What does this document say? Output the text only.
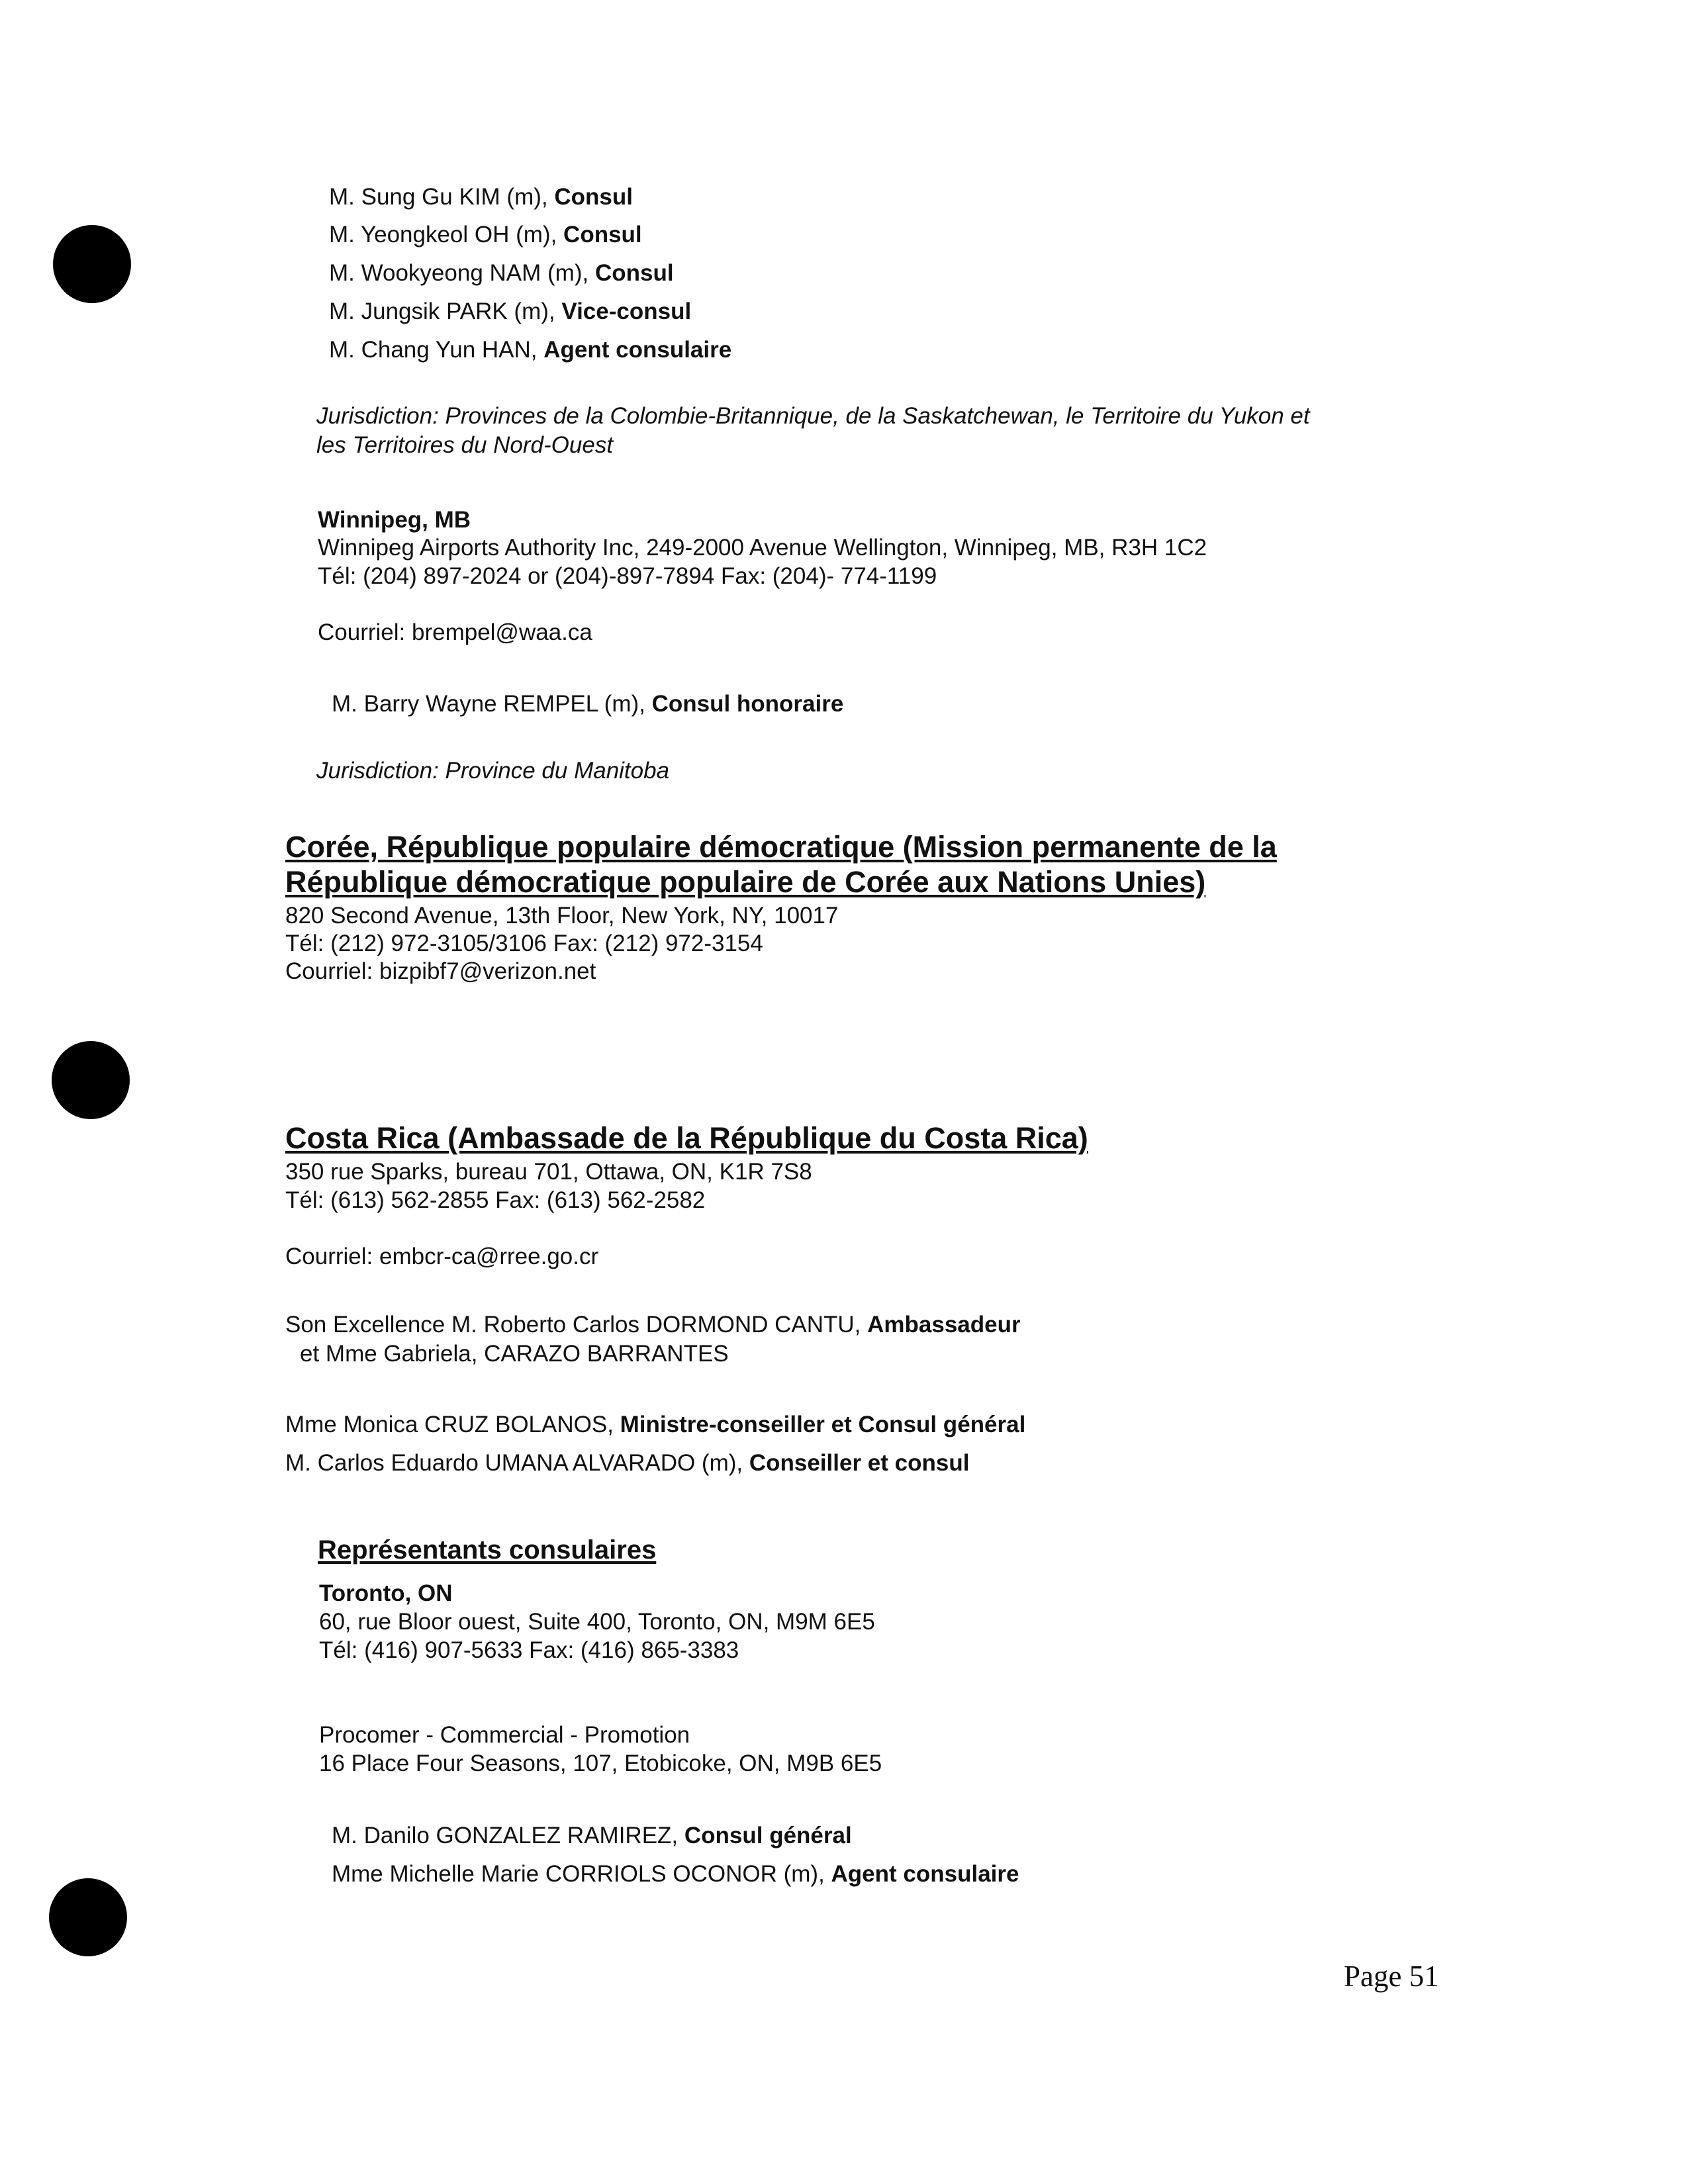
M. Sung Gu KIM (m), Consul
M. Yeongkeol OH (m), Consul
M. Wookyeong NAM (m), Consul
M. Jungsik PARK (m), Vice-consul
M. Chang Yun HAN, Agent consulaire
Jurisdiction: Provinces de la Colombie-Britannique, de la Saskatchewan, le Territoire du Yukon et
les Territoires du Nord-Ouest
Winnipeg, MB
Winnipeg Airports Authority Inc, 249-2000 Avenue Wellington, Winnipeg, MB, R3H 1C2
Tél: (204) 897-2024 or (204)-897-7894 Fax: (204)- 774-1199
Courriel: brempel@waa.ca
M. Barry Wayne REMPEL (m), Consul honoraire
Jurisdiction: Province du Manitoba
Corée, République populaire démocratique (Mission permanente de la
République démocratique populaire de Corée aux Nations Unies)
820 Second Avenue, 13th Floor, New York, NY, 10017
Tél: (212) 972-3105/3106 Fax: (212) 972-3154
Courriel: bizpibf7@verizon.net
Costa Rica (Ambassade de la République du Costa Rica)
350 rue Sparks, bureau 701, Ottawa, ON, K1R 7S8
Tél: (613) 562-2855 Fax: (613) 562-2582
Courriel: embcr-ca@rree.go.cr
Son Excellence M. Roberto Carlos DORMOND CANTU, Ambassadeur
et Mme Gabriela, CARAZO BARRANTES
Mme Monica CRUZ BOLANOS, Ministre-conseiller et Consul général
M. Carlos Eduardo UMANA ALVARADO (m), Conseiller et consul
Représentants consulaires
Toronto, ON
60, rue Bloor ouest, Suite 400, Toronto, ON, M9M 6E5
Tél: (416) 907-5633 Fax: (416) 865-3383
Procomer - Commercial - Promotion
16 Place Four Seasons, 107, Etobicoke, ON, M9B 6E5
M. Danilo GONZALEZ RAMIREZ, Consul général
Mme Michelle Marie CORRIOLS OCONOR (m), Agent consulaire
Page 51
